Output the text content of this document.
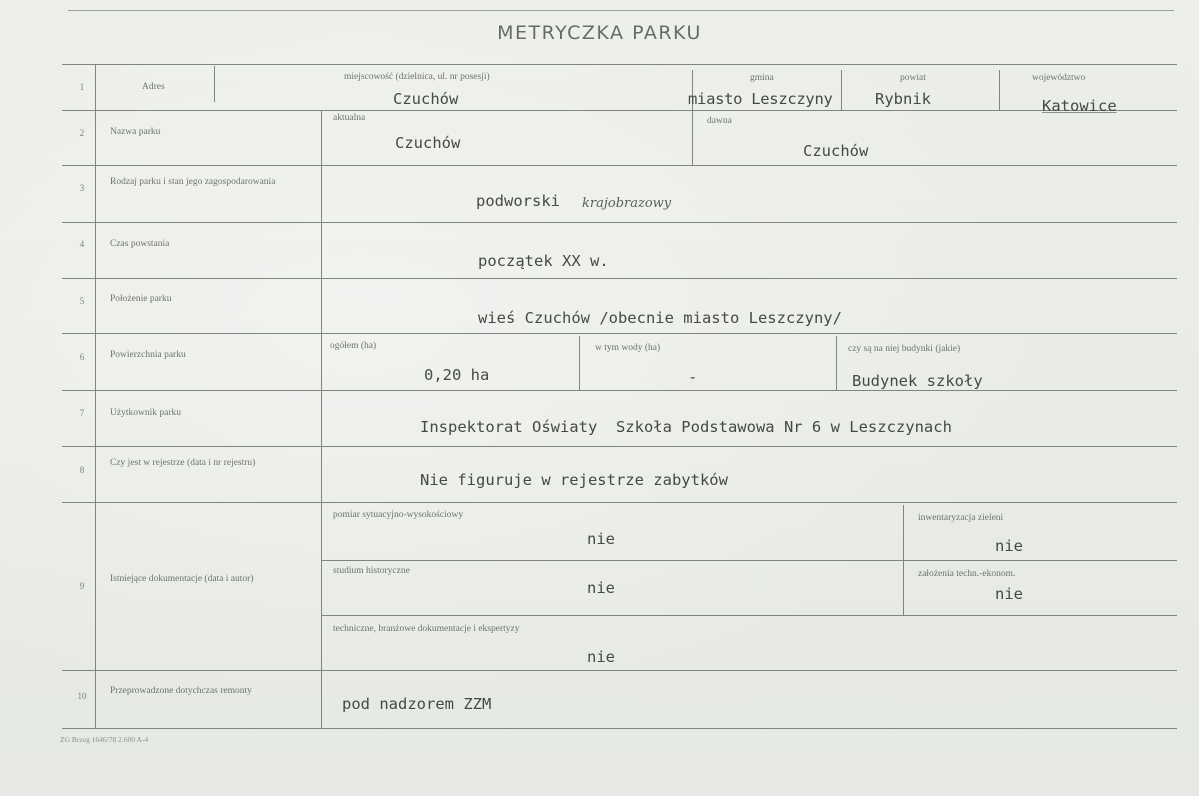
METRYCZKA PARKU
1	Adres
miejscowość (dzielnica, ul. nr posesji)
Czuchów
gmina
miasto Leszczyny
powiat
Rybnik
województwo
Katowice
2	Nazwa parku
aktualna
Czuchów
dawna
Czuchów
3
Rodzaj parku i stan jego zagospodarowania
podworski krajobrazowy
4	Czas powstania
początek XX w.
5	Położenie parku
wieś Czuchów /obecnie miasto Leszczyny/
6	Powierzchnia parku
ogółem (ha)
0,20 ha
w tym wody (ha)
-
czy są na niej budynki (jakie)
Budynek szkoły
7	Użytkownik parku
Inspektorat Oświaty  Szkoła Podstawowa Nr 6 w Leszczynach
8
Czy jest w rejestrze (data i nr rejestru)
Nie figuruje w rejestrze zabytków
9
Istniejące dokumentacje (data i autor)
pomiar sytuacyjno-wysokościowy
nie
inwentaryzacja zieleni
nie
studium historyczne
nie
założenia techn.-ekonom.
nie
techniczne, branżowe dokumentacje i ekspertyzy
nie
10	Przeprowadzone dotychczas remonty
pod nadzorem ZZM
ZG Brzeg 1646/78 2.600 A-4
